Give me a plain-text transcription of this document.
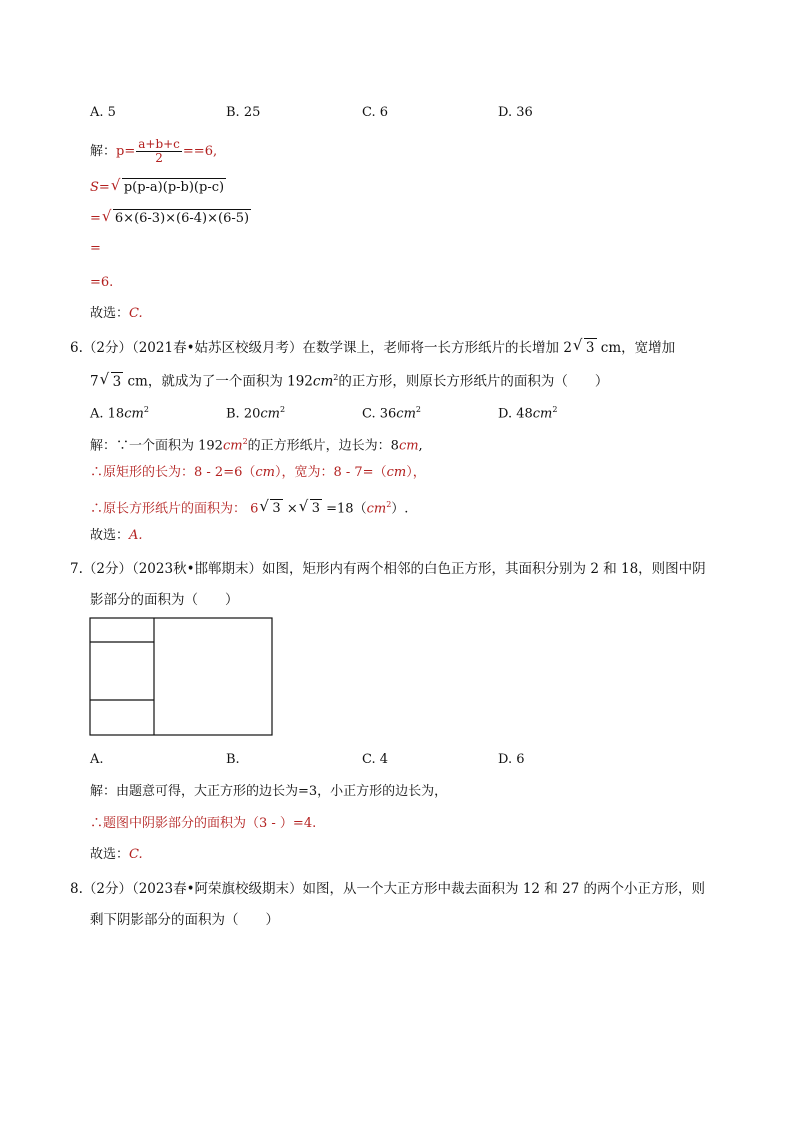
A. 5	B. 25	C. 6	D. 36
解：$p= \frac{a+b+c}{2} ==6$,
S= √ p(p-a)(p-b)(p-c)
= √ 6×(6-3)×(6-4)×(6-5)
=
=6.
故选：C.
6.（2分）（2021春•姑苏区校级月考）在数学课上，老师将一长方形纸片的长增加 2 √ 3 cm，宽增加
7 √ 3 cm，就成为了一个面积为 $192cm^2$的正方形，则原长方形纸片的面积为（　　）
A. $18cm^2$	B. $20cm^2$	C. $36cm^2$	D. $48cm^2$
解：∵一个面积为 $192cm^2$的正方形纸片，边长为：8cm,
∴原矩形的长为：8 - 2=6（cm），宽为：8 - 7=（cm），
∴原长方形纸片的面积为： 6 √ 3 × √ $3 =18(cm^2)$.
故选：A.
7.（2分）（2023秋•邯郸期末）如图，矩形内有两个相邻的白色正方形，其面积分别为 2 和 18，则图中阴
影部分的面积为（　　）
A.	B.	C. 4	D. 6
解：由题意可得，大正方形的边长为=3，小正方形的边长为，
∴题图中阴影部分的面积为（3 - ）=4.
故选：C.
8.（2分）（2023春•阿荣旗校级期末）如图，从一个大正方形中裁去面积为 12 和 27 的两个小正方形，则
剩下阴影部分的面积为（　　）
